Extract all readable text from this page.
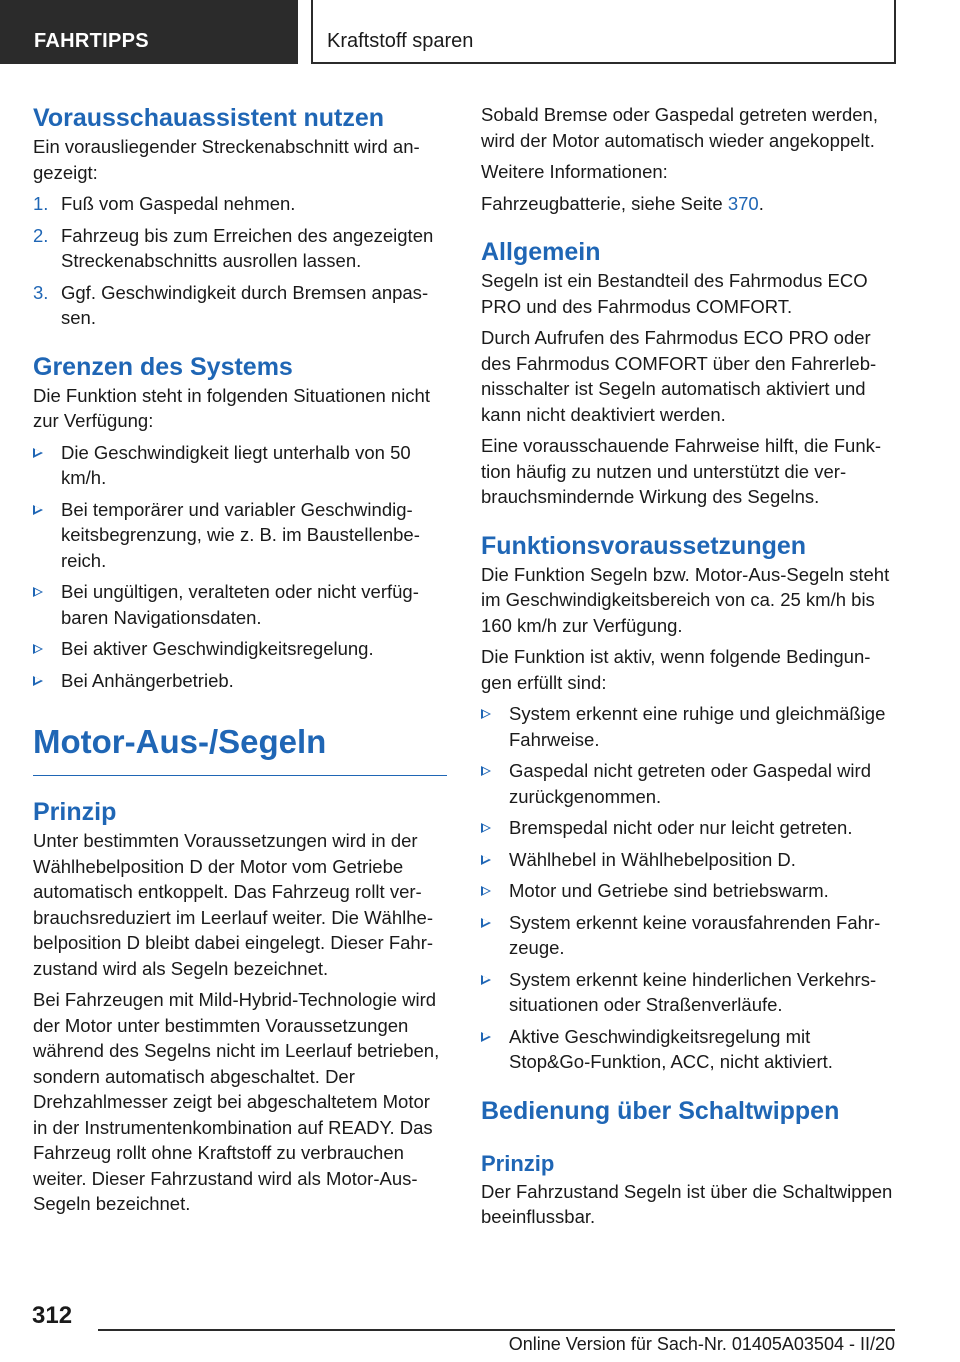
FAHRTIPPS	Kraftstoff sparen
Vorausschauassistent nutzen
Ein vorausliegender Streckenabschnitt wird angezeigt:
1. Fuß vom Gaspedal nehmen.
2. Fahrzeug bis zum Erreichen des angezeigten Streckenabschnitts ausrollen lassen.
3. Ggf. Geschwindigkeit durch Bremsen anpassen.
Grenzen des Systems
Die Funktion steht in folgenden Situationen nicht zur Verfügung:
Die Geschwindigkeit liegt unterhalb von 50 km/h.
Bei temporärer und variabler Geschwindigkeitsbegrenzung, wie z. B. im Baustellenbereich.
Bei ungültigen, veralteten oder nicht verfügbaren Navigationsdaten.
Bei aktiver Geschwindigkeitsregelung.
Bei Anhängerbetrieb.
Motor-Aus-/Segeln
Prinzip
Unter bestimmten Voraussetzungen wird in der Wählhebelposition D der Motor vom Getriebe automatisch entkoppelt. Das Fahrzeug rollt verbrauchsreduziert im Leerlauf weiter. Die Wählhebelposition D bleibt dabei eingelegt. Dieser Fahrzustand wird als Segeln bezeichnet.
Bei Fahrzeugen mit Mild-Hybrid-Technologie wird der Motor unter bestimmten Voraussetzungen während des Segelns nicht im Leerlauf betrieben, sondern automatisch abgeschaltet. Der Drehzahlmesser zeigt bei abgeschaltetem Motor in der Instrumentenkombination auf READY. Das Fahrzeug rollt ohne Kraftstoff zu verbrauchen weiter. Dieser Fahrzustand wird als Motor-Aus-Segeln bezeichnet.
Sobald Bremse oder Gaspedal getreten werden, wird der Motor automatisch wieder angekoppelt.
Weitere Informationen:
Fahrzeugbatterie, siehe Seite 370.
Allgemein
Segeln ist ein Bestandteil des Fahrmodus ECO PRO und des Fahrmodus COMFORT.
Durch Aufrufen des Fahrmodus ECO PRO oder des Fahrmodus COMFORT über den Fahrerlebnisschalter ist Segeln automatisch aktiviert und kann nicht deaktiviert werden.
Eine vorausschauende Fahrweise hilft, die Funktion häufig zu nutzen und unterstützt die verbrauchsmindernde Wirkung des Segelns.
Funktionsvoraussetzungen
Die Funktion Segeln bzw. Motor-Aus-Segeln steht im Geschwindigkeitsbereich von ca. 25 km/h bis 160 km/h zur Verfügung.
Die Funktion ist aktiv, wenn folgende Bedingungen erfüllt sind:
System erkennt eine ruhige und gleichmäßige Fahrweise.
Gaspedal nicht getreten oder Gaspedal wird zurückgenommen.
Bremspedal nicht oder nur leicht getreten.
Wählhebel in Wählhebelposition D.
Motor und Getriebe sind betriebswarm.
System erkennt keine vorausfahrenden Fahrzeuge.
System erkennt keine hinderlichen Verkehrssituationen oder Straßenverläufe.
Aktive Geschwindigkeitsregelung mit Stop&Go-Funktion, ACC, nicht aktiviert.
Bedienung über Schaltwippen
Prinzip
Der Fahrzustand Segeln ist über die Schaltwippen beeinflussbar.
312
Online Version für Sach-Nr. 01405A03504 - II/20
